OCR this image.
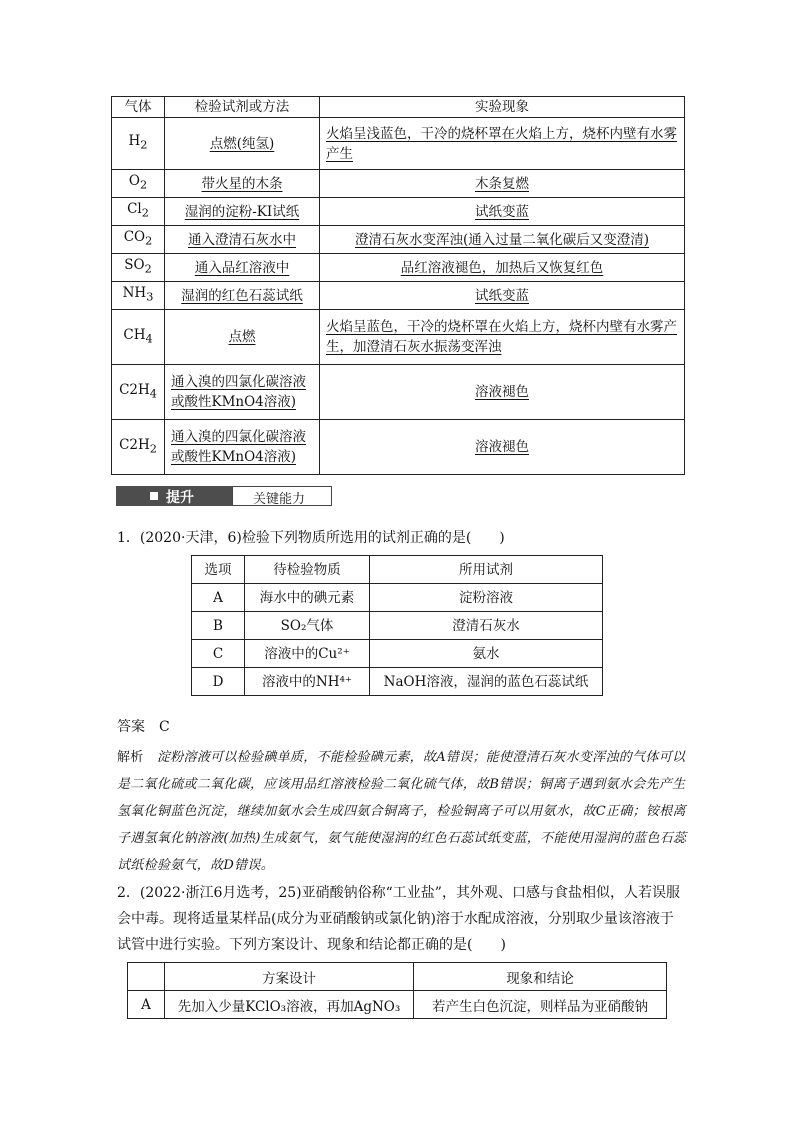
气体	检验试剂或方法	实验现象
$H_2$	点燃(纯氢)	火焰呈浅蓝色，干冷的烧杯罩在火焰上方，烧杯内壁有水雾产生
$O_2$	带火星的木条	木条复燃
$Cl_2$	湿润的淀粉-KI试纸	试纸变蓝
$CO_2$	通入澄清石灰水中	澄清石灰水变浑浊(通入过量二氧化碳后又变澄清)
$SO_2$	通入品红溶液中	品红溶液褪色，加热后又恢复红色
$NH_3$	湿润的红色石蕊试纸	试纸变蓝
$CH_4$	点燃	火焰呈蓝色，干冷的烧杯罩在火焰上方，烧杯内壁有水雾产生，加澄清石灰水振荡变浑浊
$C2H_4$	通入溴的四氯化碳溶液或酸性KMnO4溶液)	溶液褪色
$C2H_2$	通入溴的四氯化碳溶液或酸性KMnO4溶液)	溶液褪色
提升	关键能力
1．(2020·天津，6)检验下列物质所选用的试剂正确的是(　　)
选项	待检验物质	所用试剂
A	海水中的碘元素	淀粉溶液
B	SO₂气体	澄清石灰水
C	溶液中的Cu²⁺	氨水
D	溶液中的NH⁴⁺	NaOH溶液，湿润的蓝色石蕊试纸
答案　C
解析　 淀粉溶液可以检验碘单质，不能检验碘元素，故A错误；能使澄清石灰水变浑浊的气体可以是二氧化硫或二氧化碳，应该用品红溶液检验二氧化硫气体，故B错误；铜离子遇到氨水会先产生氢氧化铜蓝色沉淀，继续加氨水会生成四氨合铜离子，检验铜离子可以用氨水，故C正确；铵根离子遇氢氧化钠溶液(加热)生成氨气，氨气能使湿润的红色石蕊试纸变蓝，不能使用湿润的蓝色石蕊试纸检验氨气，故D错误。
2．(2022·浙江6月选考，25)亚硝酸钠俗称“工业盐”，其外观、口感与食盐相似，人若误服会中毒。现将适量某样品(成分为亚硝酸钠或氯化钠)溶于水配成溶液，分别取少量该溶液于试管中进行实验。下列方案设计、现象和结论都正确的是(　　)
	方案设计	现象和结论
A	先加入少量KClO₃溶液，再加AgNO₃	若产生白色沉淀，则样品为亚硝酸钠
